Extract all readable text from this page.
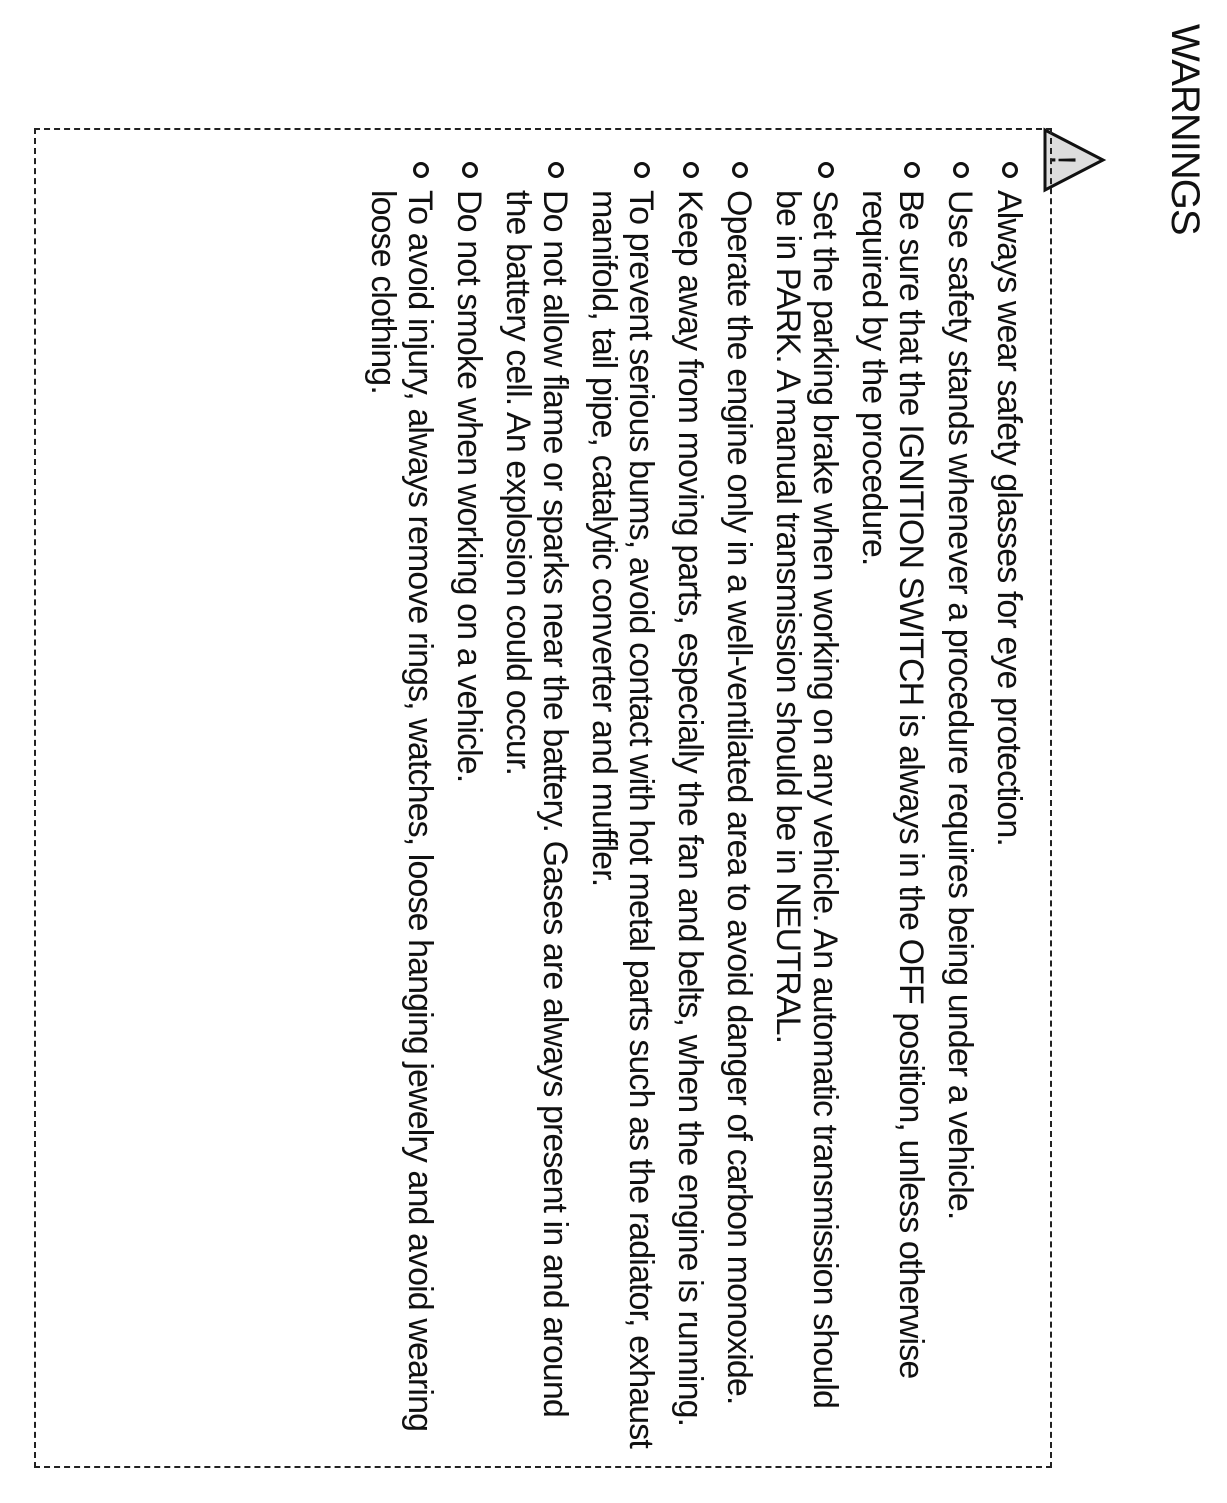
WARNINGS
!
Always wear safety glasses for eye protection.
Use safety stands whenever a procedure requires being under a vehicle.
Be sure that the IGNITION SWITCH is always in the OFF position, unless otherwise required by the procedure.
Set the parking brake when working on any vehicle. An automatic transmission should be in PARK. A manual transmission should be in NEUTRAL.
Operate the engine only in a well-ventilated area to avoid danger of carbon monoxide.
Keep away from moving parts, especially the fan and belts, when the engine is running.
To prevent serious bums, avoid contact with hot metal parts such as the radiator, exhaust manifold, tail pipe, catalytic converter and muffler.
Do not allow flame or sparks near the battery. Gases are always present in and around the battery cell. An explosion could occur.
Do not smoke when working on a vehicle.
To avoid injury, always remove rings, watches, loose hanging jewelry and avoid wearing loose clothing.
